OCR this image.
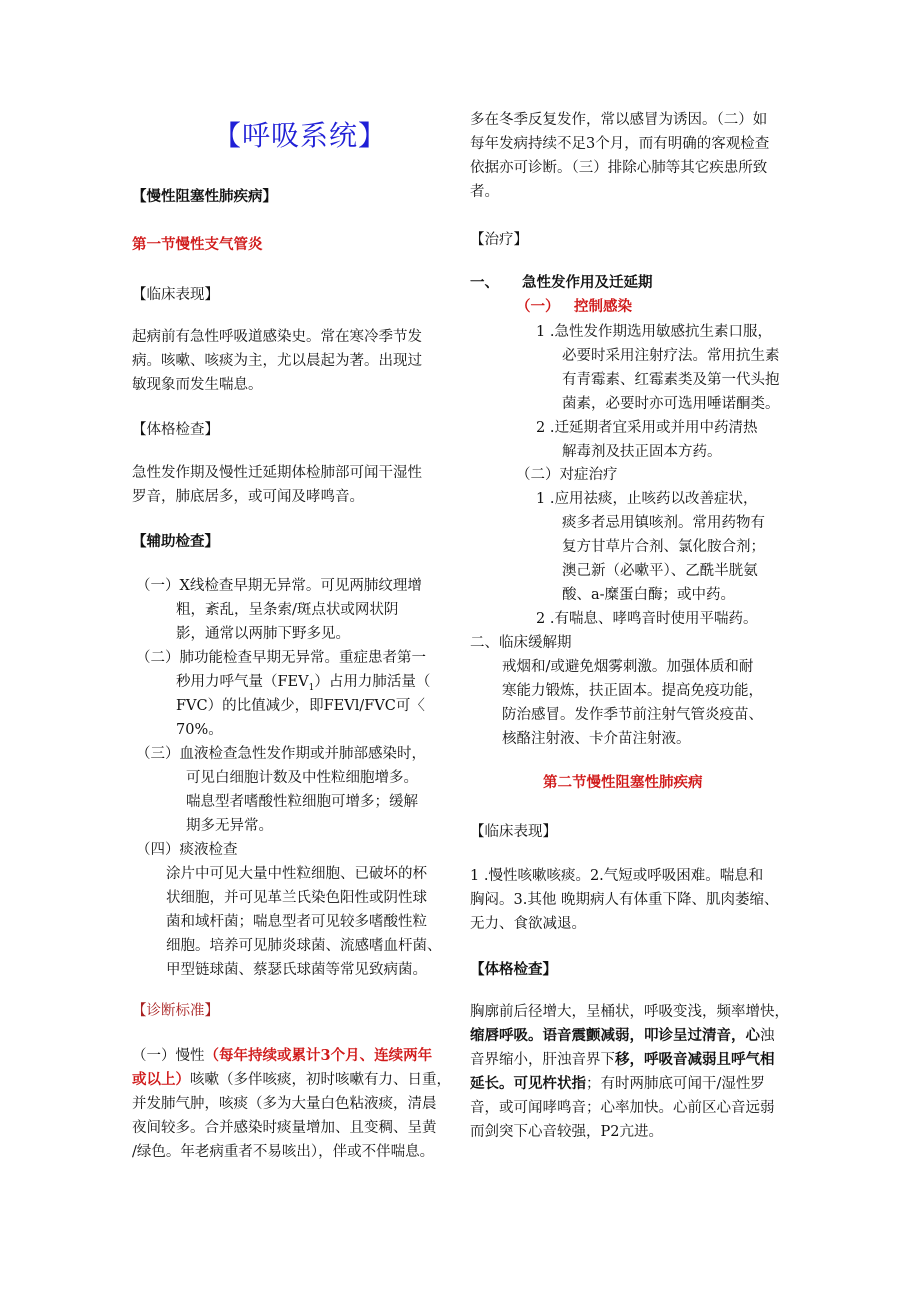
【呼吸系统】
【慢性阻塞性肺疾病】
第一节慢性支气管炎
【临床表现】
起病前有急性呼吸道感染史。常在寒冷季节发
病。咳嗽、咳痰为主，尤以晨起为著。出现过
敏现象而发生喘息。
【体格检查】
急性发作期及慢性迁延期体检肺部可闻干湿性
罗音，肺底居多，或可闻及哮鸣音。
【辅助检查】
（一）X线检查早期无异常。可见两肺纹理增
粗，紊乱，呈条索/斑点状或网状阴
影，通常以两肺下野多见。
（二）肺功能检查早期无异常。重症患者第一
秒用力呼气量$(FEV_1)$占用力肺活量（
FVC）的比值减少，即FEVl/FVC可〈
70%。
（三）血液检查急性发作期或并肺部感染时，
可见白细胞计数及中性粒细胞增多。
喘息型者嗜酸性粒细胞可增多；缓解
期多无异常。
（四）痰液检查
涂片中可见大量中性粒细胞、已破坏的杯
状细胞，并可见革兰氏染色阳性或阴性球
菌和域杆菌；喘息型者可见较多嗜酸性粒
细胞。培养可见肺炎球菌、流感嗜血杆菌、
甲型链球菌、蔡瑟氏球菌等常见致病菌。
【诊断标准】
（一）慢性（每年持续或累计3个月、连续两年
或以上）咳嗽（多伴咳痰，初时咳嗽有力、日重，
并发肺气肿，咳痰（多为大量白色粘液痰，清晨
夜间较多。合并感染时痰量增加、且变稠、呈黄
/绿色。年老病重者不易咳出），伴或不伴喘息。
多在冬季反复发作，常以感冒为诱因。（二）如
每年发病持续不足3个月，而有明确的客观检查
依据亦可诊断。（三）排除心肺等其它疾患所致
者。
【治疗】
一、 急性发作用及迁延期
（一） 控制感染
1 .急性发作期选用敏感抗生素口服，
必要时采用注射疗法。常用抗生素
有青霉素、红霉素类及第一代头抱
菌素，必要时亦可选用唾诺酮类。
2 .迁延期者宜采用或并用中药清热
解毒剂及扶正固本方药。
（二）对症治疗
1 .应用祛痰，止咳药以改善症状，
痰多者忌用镇咳剂。常用药物有
复方甘草片合剂、氯化胺合剂；
澳己新（必嗽平）、乙酰半胱氨
酸、a-糜蛋白酶；或中药。
2 .有喘息、哮鸣音时使用平喘药。
二、临床缓解期
戒烟和/或避免烟雾刺激。加强体质和耐
寒能力锻炼，扶正固本。提高免疫功能，
防治感冒。发作季节前注射气管炎疫苗、
核酪注射液、卡介苗注射液。
第二节慢性阻塞性肺疾病
【临床表现】
1 .慢性咳嗽咳痰。2.气短或呼吸困难。喘息和
胸闷。3.其他 晚期病人有体重下降、肌肉萎缩、
无力、食欲减退。
【体格检查】
胸廓前后径增大，呈桶状，呼吸变浅，频率增快，
缩唇呼吸。语音震颤减弱，叩诊呈过清音，心浊
音界缩小，肝浊音界下移，呼吸音减弱且呼气相
延长。可见杵状指；有时两肺底可闻干/湿性罗
音，或可闻哮鸣音；心率加快。心前区心音远弱
而剑突下心音较强，P2亢进。
